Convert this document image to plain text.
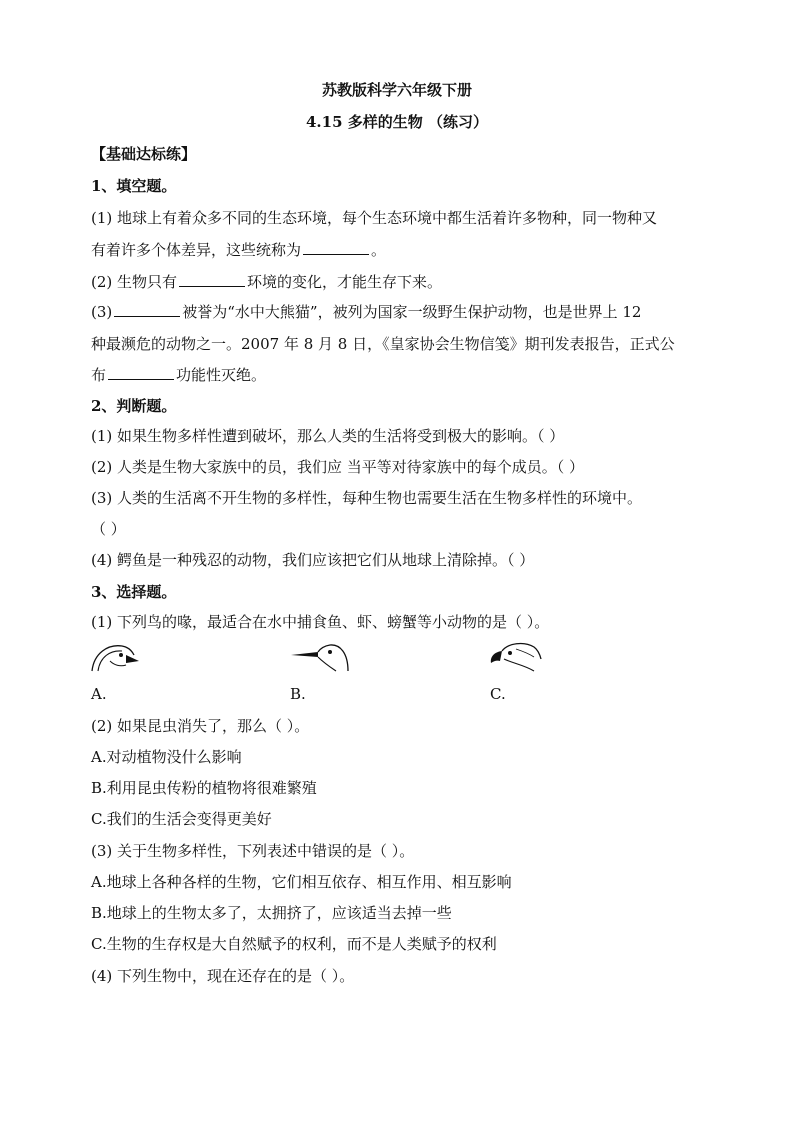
苏教版科学六年级下册
4.15 多样的生物 （练习）
【基础达标练】
1、填空题。
(1) 地球上有着众多不同的生态环境，每个生态环境中都生活着许多物种，同一物种又
有着许多个体差异，这些统称为	。
(2) 生物只有	环境的变化，才能生存下来。
(3)	被誉为“水中大熊猫”，被列为国家一级野生保护动物，也是世界上 12
种最濒危的动物之一。2007 年 8 月 8 日，《皇家协会生物信笺》期刊发表报告，正式公
布	功能性灭绝。
2、判断题。
(1) 如果生物多样性遭到破坏，那么人类的生活将受到极大的影响。（ ）
(2) 人类是生物大家族中的员，我们应 当平等对待家族中的每个成员。（ ）
(3) 人类的生活离不开生物的多样性，每种生物也需要生活在生物多样性的环境中。
（ ）
(4) 鳄鱼是一种残忍的动物，我们应该把它们从地球上清除掉。（ ）
3、选择题。
(1) 下列鸟的喙，最适合在水中捕食鱼、虾、螃蟹等小动物的是（ ）。
A.	B.	C.
(2) 如果昆虫消失了，那么（ ）。
A.对动植物没什么影响
B.利用昆虫传粉的植物将很难繁殖
C.我们的生活会变得更美好
(3) 关于生物多样性，下列表述中错误的是（ ）。
A.地球上各种各样的生物，它们相互依存、相互作用、相互影响
B.地球上的生物太多了，太拥挤了，应该适当去掉一些
C.生物的生存权是大自然赋予的权利，而不是人类赋予的权利
(4) 下列生物中，现在还存在的是（ ）。
